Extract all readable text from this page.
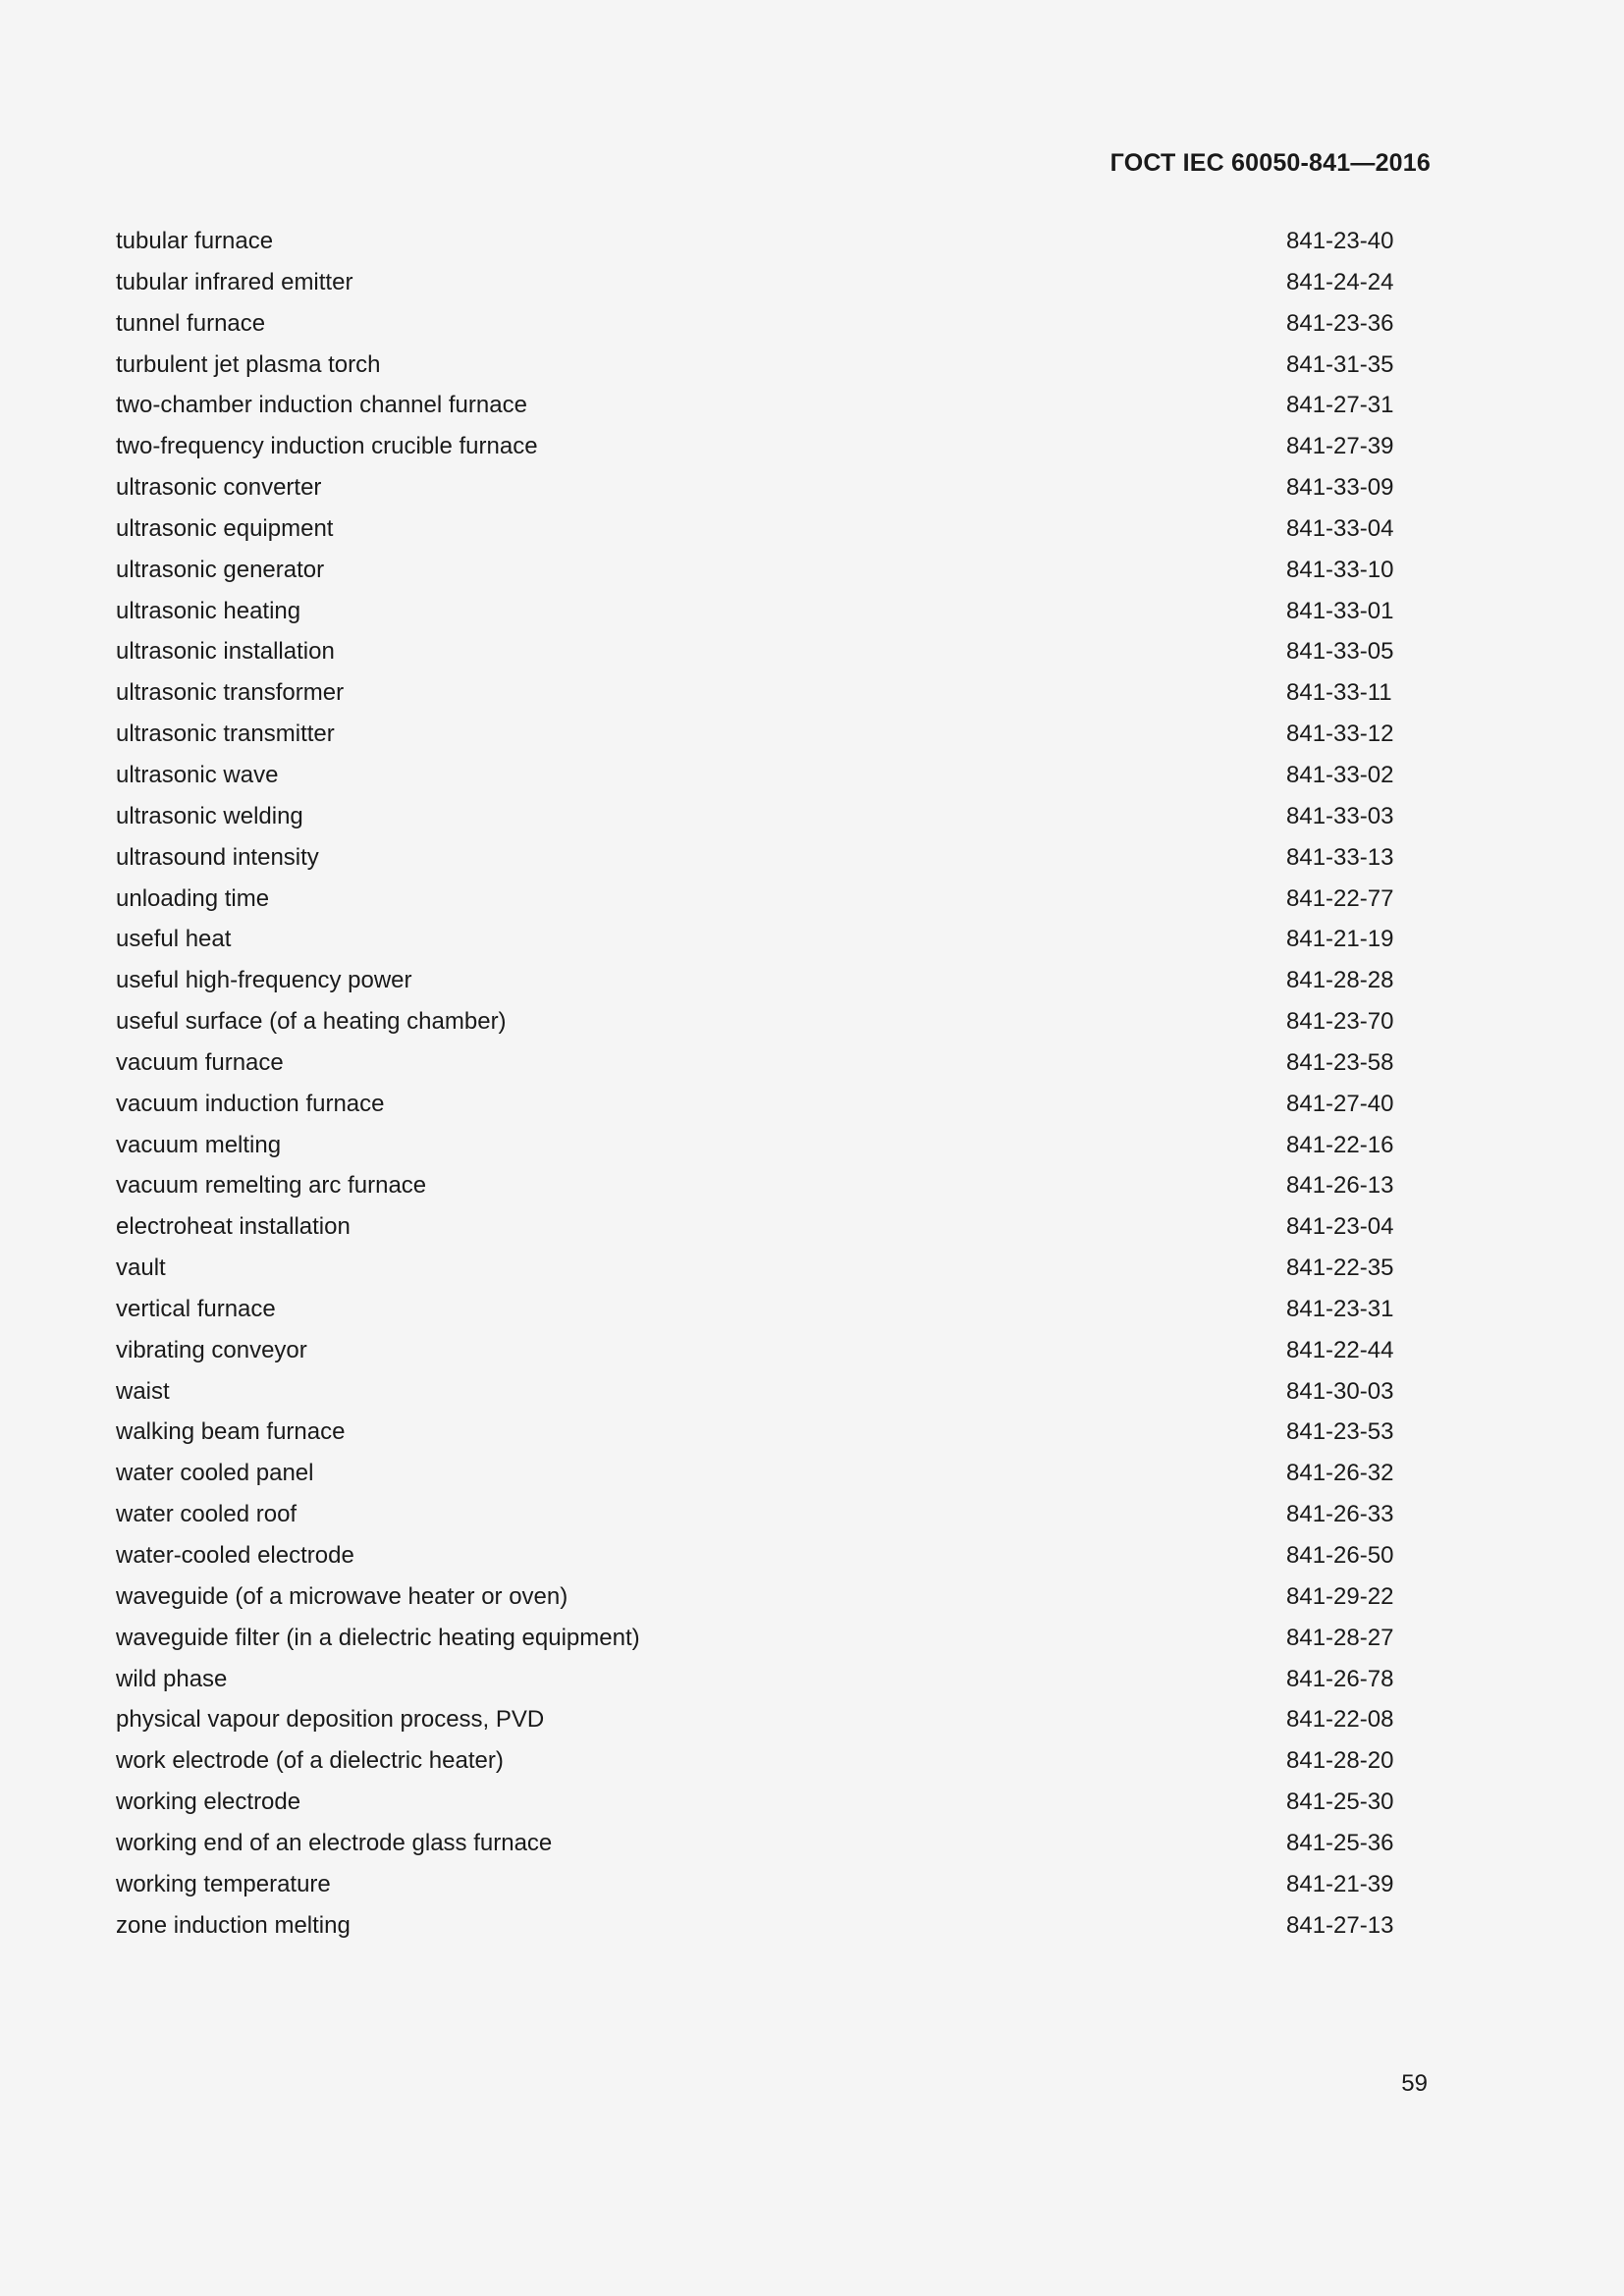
ГОСТ IEC 60050-841—2016
tubular furnace	841-23-40
tubular infrared emitter	841-24-24
tunnel furnace	841-23-36
turbulent jet plasma torch	841-31-35
two-chamber induction channel furnace	841-27-31
two-frequency induction crucible furnace	841-27-39
ultrasonic converter	841-33-09
ultrasonic equipment	841-33-04
ultrasonic generator	841-33-10
ultrasonic heating	841-33-01
ultrasonic installation	841-33-05
ultrasonic transformer	841-33-11
ultrasonic transmitter	841-33-12
ultrasonic wave	841-33-02
ultrasonic welding	841-33-03
ultrasound intensity	841-33-13
unloading time	841-22-77
useful heat	841-21-19
useful high-frequency power	841-28-28
useful surface (of a heating chamber)	841-23-70
vacuum furnace	841-23-58
vacuum induction furnace	841-27-40
vacuum melting	841-22-16
vacuum remelting arc furnace	841-26-13
electroheat installation	841-23-04
vault	841-22-35
vertical furnace	841-23-31
vibrating conveyor	841-22-44
waist	841-30-03
walking beam furnace	841-23-53
water cooled panel	841-26-32
water cooled roof	841-26-33
water-cooled electrode	841-26-50
waveguide (of a microwave heater or oven)	841-29-22
waveguide filter (in a dielectric heating equipment)	841-28-27
wild phase	841-26-78
physical vapour deposition process, PVD	841-22-08
work electrode (of a dielectric heater)	841-28-20
working electrode	841-25-30
working end of an electrode glass furnace	841-25-36
working temperature	841-21-39
zone induction melting	841-27-13
59
